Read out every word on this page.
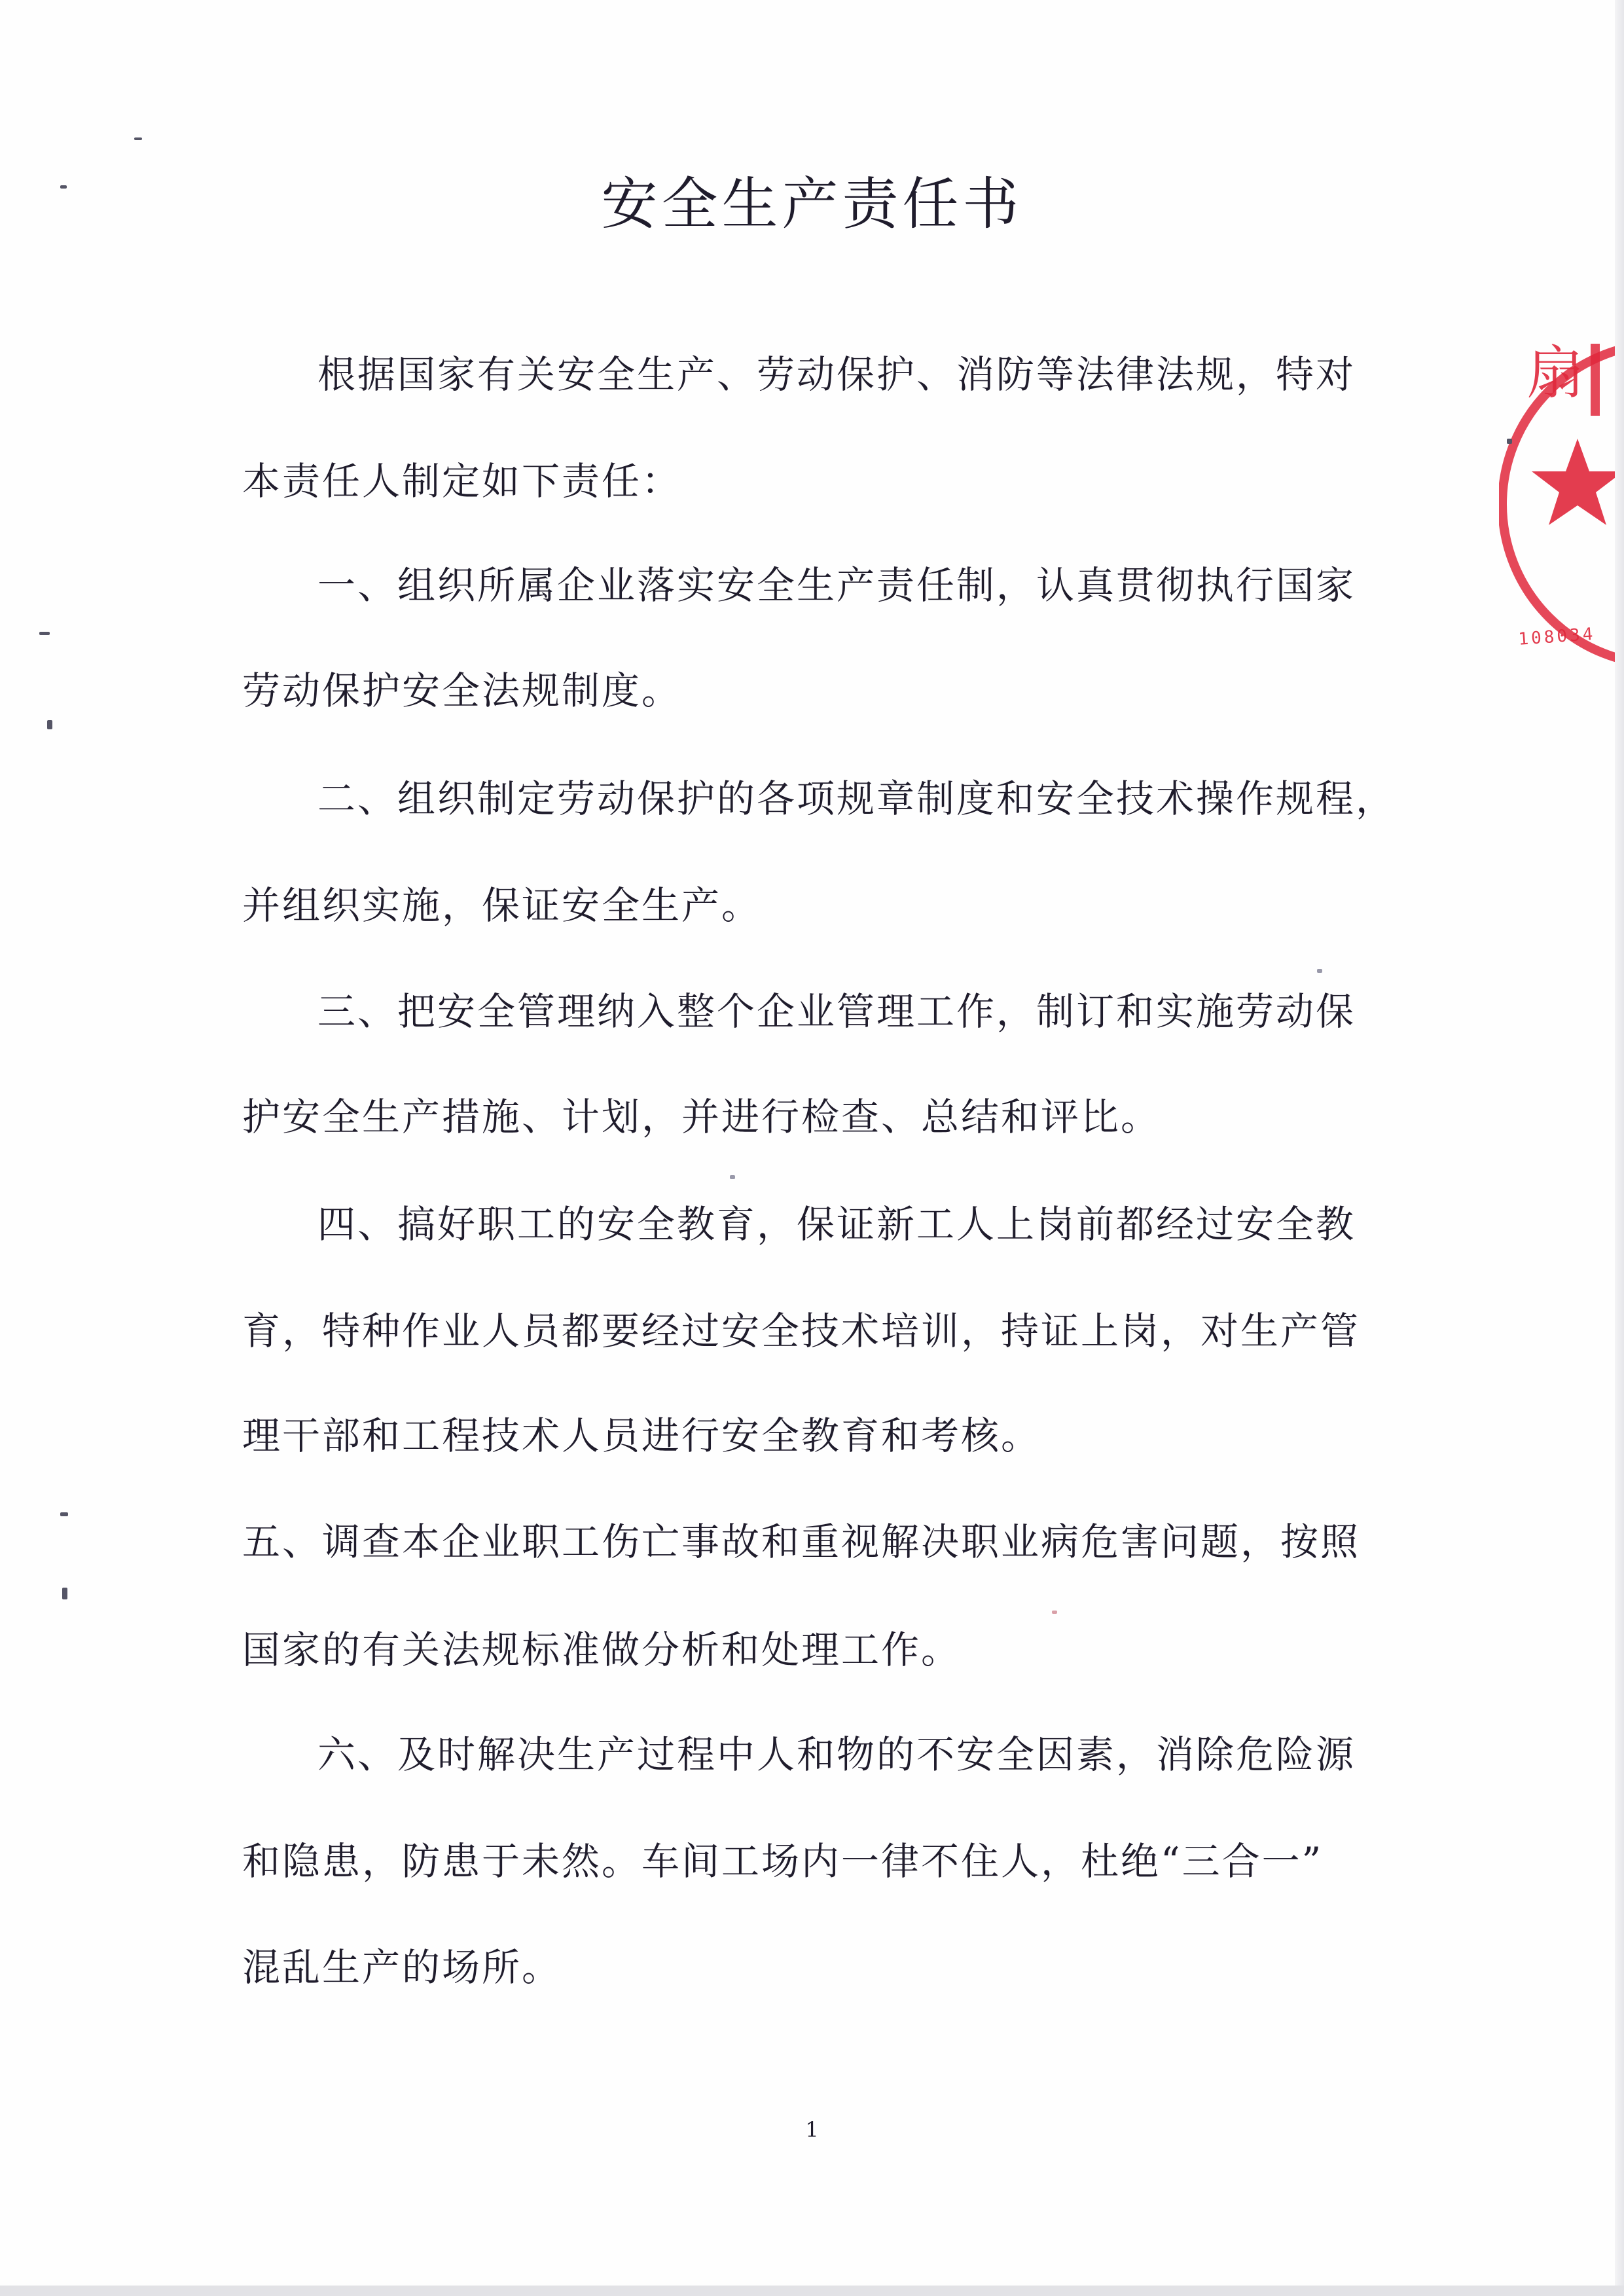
安全生产责任书

根据国家有关安全生产、劳动保护、消防等法律法规，特对

本责任人制定如下责任：

一、组织所属企业落实安全生产责任制，认真贯彻执行国家

劳动保护安全法规制度。

二、组织制定劳动保护的各项规章制度和安全技术操作规程，

并组织实施，保证安全生产。

三、把安全管理纳入整个企业管理工作，制订和实施劳动保

护安全生产措施、计划，并进行检查、总结和评比。

四、搞好职工的安全教育，保证新工人上岗前都经过安全教

育，特种作业人员都要经过安全技术培训，持证上岗，对生产管

理干部和工程技术人员进行安全教育和考核。

五、调查本企业职工伤亡事故和重视解决职业病危害问题，按照

国家的有关法规标准做分析和处理工作。

六、及时解决生产过程中人和物的不安全因素，消除危险源

和隐患，防患于未然。车间工场内一律不住人，杜绝“三合一”

混乱生产的场所。

1

扇
108034
